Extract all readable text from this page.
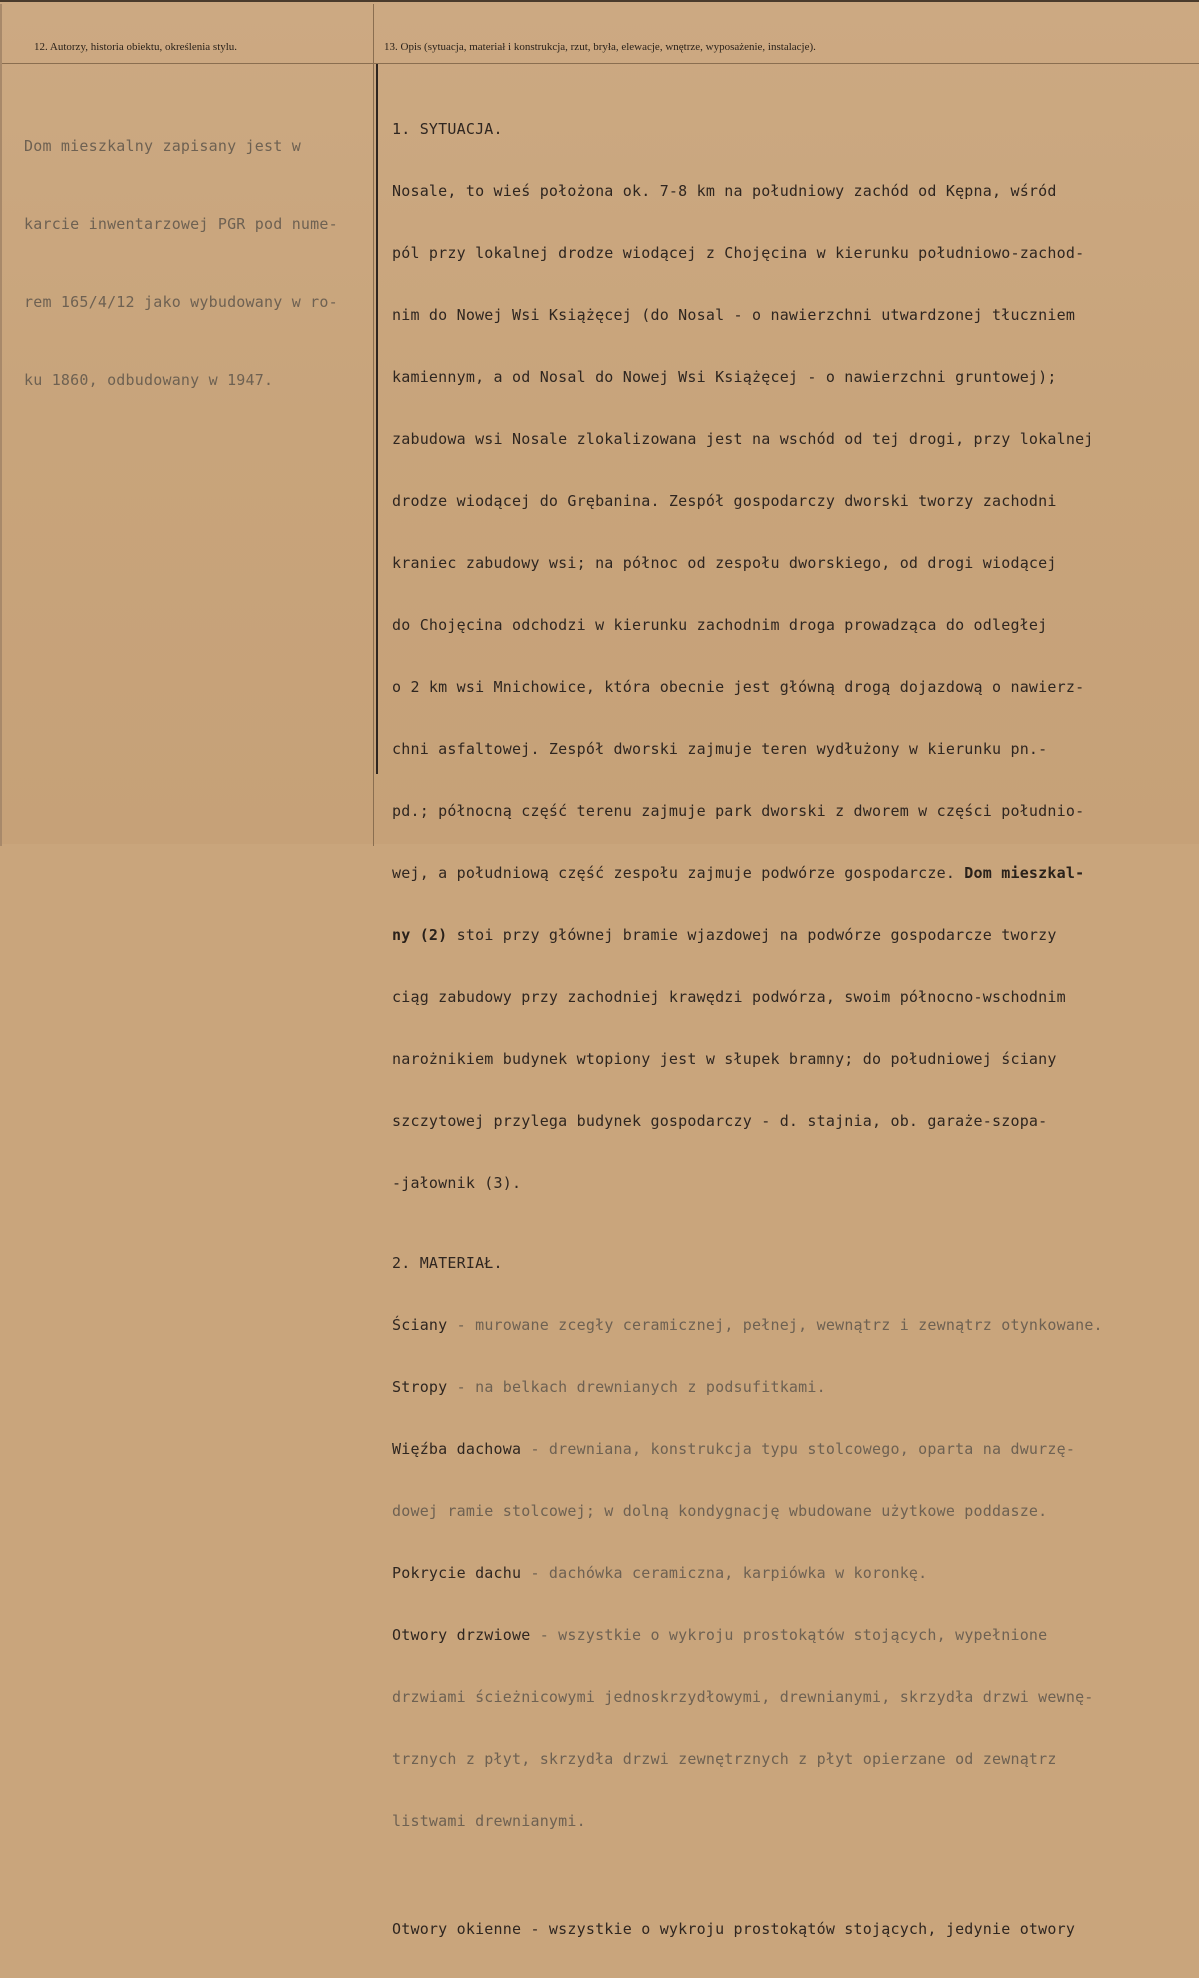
12. Autorzy, historia obiektu, określenia stylu.	13. Opis (sytuacja, materiał i konstrukcja, rzut, bryła, elewacje, wnętrze, wyposażenie, instalacje).

Dom mieszkalny zapisany jest w

karcie inwentarzowej PGR pod nume-

rem 165/4/12 jako wybudowany w ro-

ku 1860, odbudowany w 1947.

1. SYTUACJA.

Nosale, to wieś położona ok. 7-8 km na południowy zachód od Kępna, wśród

pól przy lokalnej drodze wiodącej z Chojęcina w kierunku południowo-zachod-

nim do Nowej Wsi Książęcej (do Nosal - o nawierzchni utwardzonej tłuczniem

kamiennym, a od Nosal do Nowej Wsi Książęcej - o nawierzchni gruntowej);

zabudowa wsi Nosale zlokalizowana jest na wschód od tej drogi, przy lokalnej

drodze wiodącej do Grębanina. Zespół gospodarczy dworski tworzy zachodni

kraniec zabudowy wsi; na północ od zespołu dworskiego, od drogi wiodącej

do Chojęcina odchodzi w kierunku zachodnim droga prowadząca do odległej

o 2 km wsi Mnichowice, która obecnie jest główną drogą dojazdową o nawierz-

chni asfaltowej. Zespół dworski zajmuje teren wydłużony w kierunku pn.-

pd.; północną część terenu zajmuje park dworski z dworem w części południo-

wej, a południową część zespołu zajmuje podwórze gospodarcze. Dom mieszkal-

ny (2) stoi przy głównej bramie wjazdowej na podwórze gospodarcze tworzy

ciąg zabudowy przy zachodniej krawędzi podwórza, swoim północno-wschodnim

narożnikiem budynek wtopiony jest w słupek bramny; do południowej ściany

szczytowej przylega budynek gospodarczy - d. stajnia, ob. garaże-szopa-

-jałownik (3).

2. MATERIAŁ.

Ściany - murowane zcegły ceramicznej, pełnej, wewnątrz i zewnątrz otynkowane.

Stropy - na belkach drewnianych z podsufitkami.

Więźba dachowa - drewniana, konstrukcja typu stolcowego, oparta na dwurzę-

dowej ramie stolcowej; w dolną kondygnację wbudowane użytkowe poddasze.

Pokrycie dachu - dachówka ceramiczna, karpiówka w koronkę.

Otwory drzwiowe - wszystkie o wykroju prostokątów stojących, wypełnione

drzwiami ścieżnicowymi jednoskrzydłowymi, drewnianymi, skrzydła drzwi wewnę-

trznych z płyt, skrzydła drzwi zewnętrznych z płyt opierzane od zewnątrz

listwami drewnianymi.

Otwory okienne - wszystkie o wykroju prostokątów stojących, jedynie otwory
